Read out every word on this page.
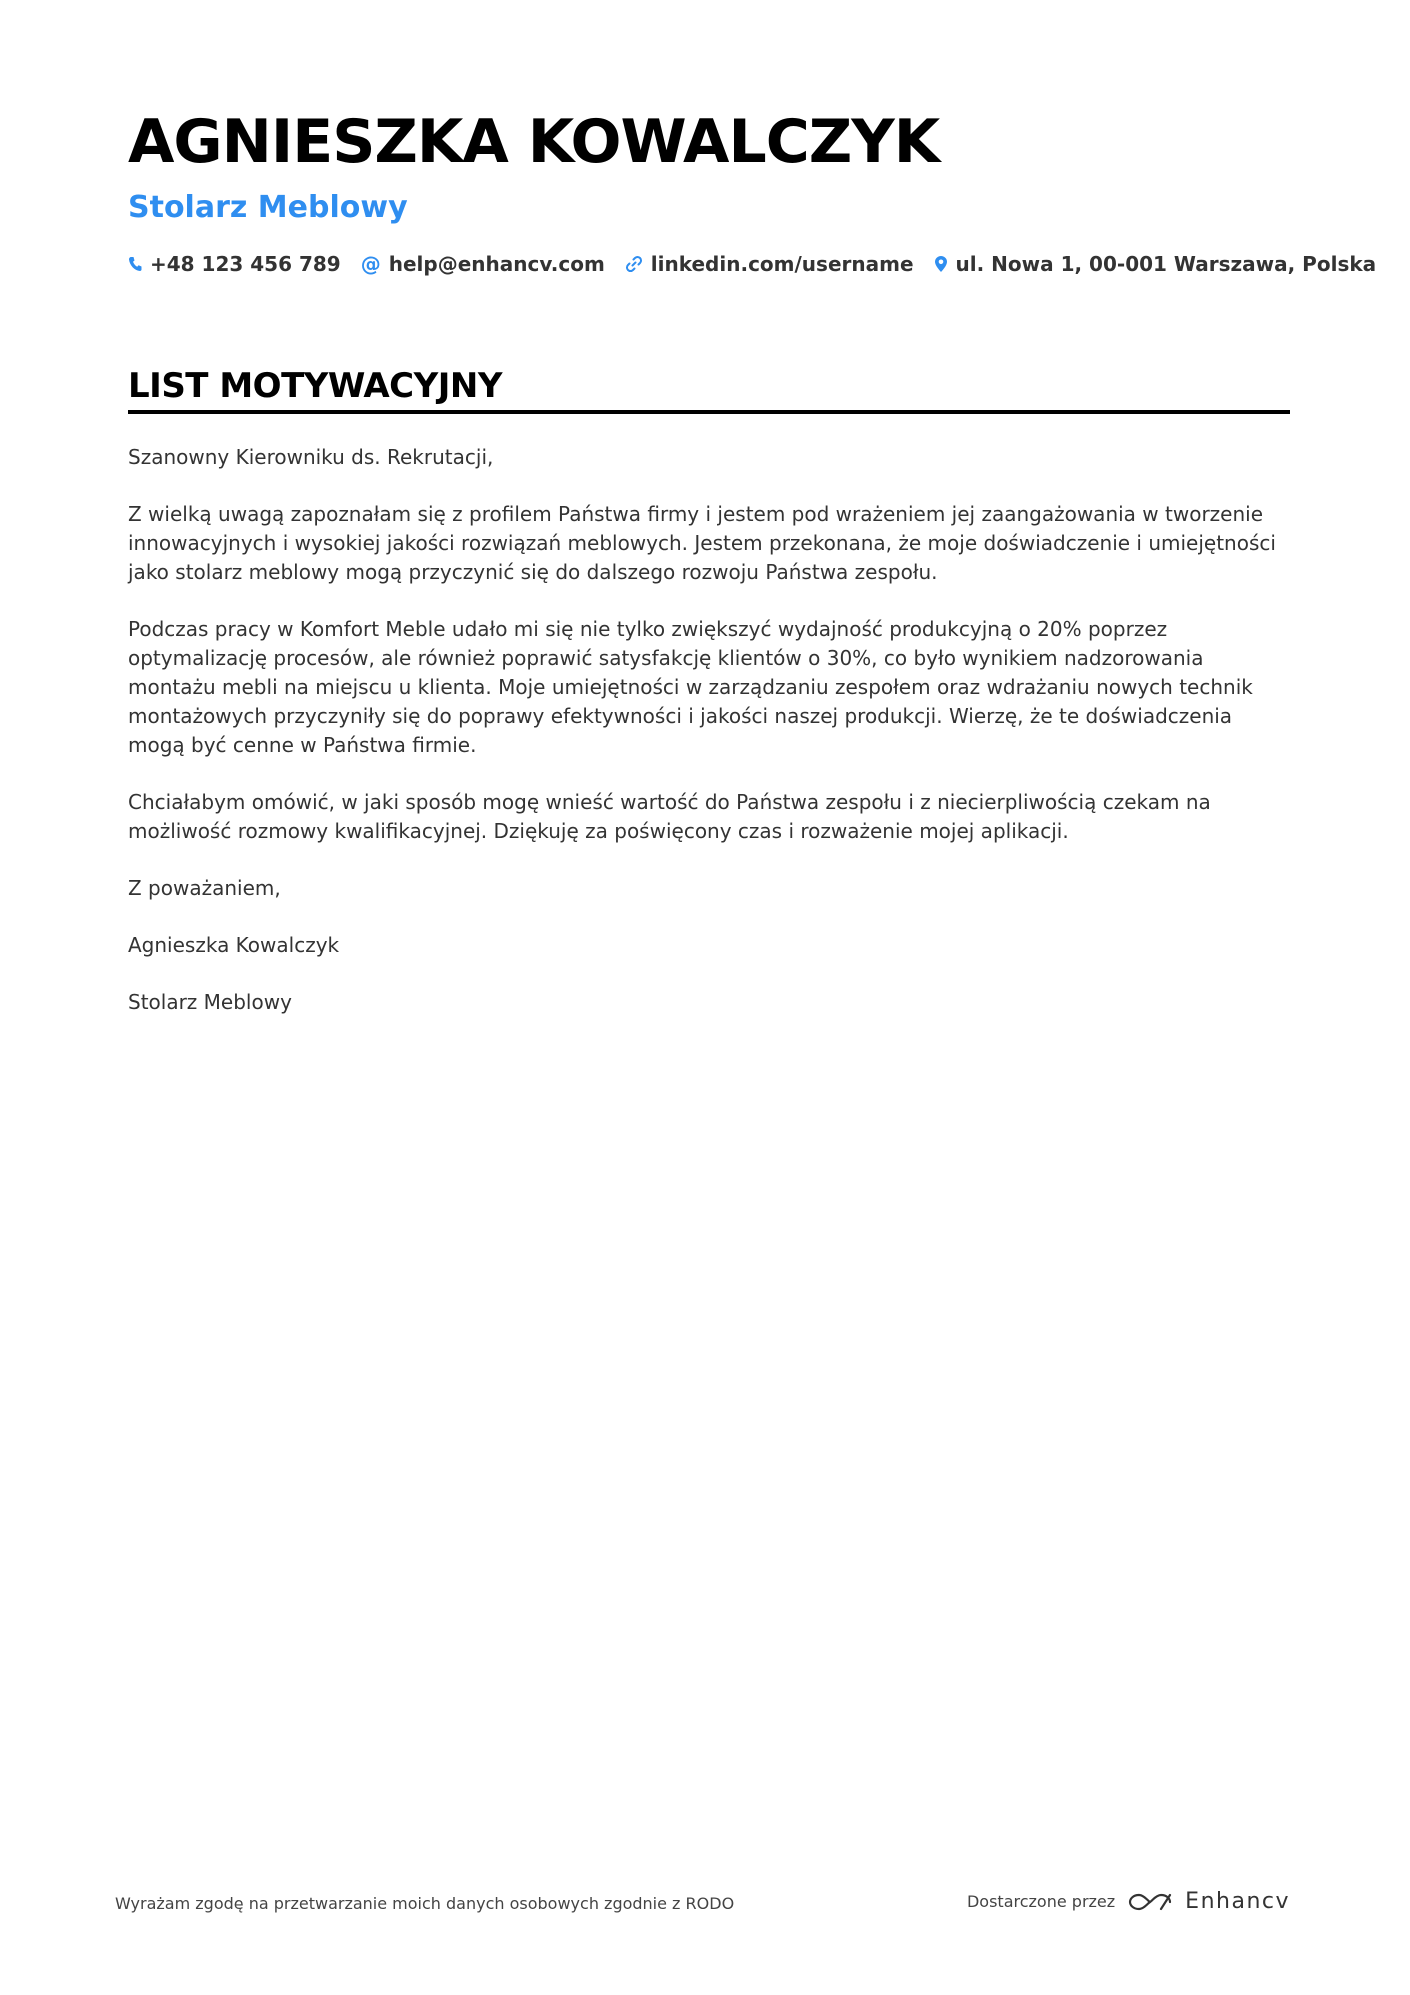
AGNIESZKA KOWALCZYK
Stolarz Meblowy
+48 123 456 789 @ help@enhancv.com linkedin.com/username ul. Nowa 1, 00-001 Warszawa, Polska
LIST MOTYWACYJNY

Szanowny Kierowniku ds. Rekrutacji,

Z wielką uwagą zapoznałam się z profilem Państwa firmy i jestem pod wrażeniem jej zaangażowania w tworzenie innowacyjnych i wysokiej jakości rozwiązań meblowych. Jestem przekonana, że moje doświadczenie i umiejętności jako stolarz meblowy mogą przyczynić się do dalszego rozwoju Państwa zespołu.

Podczas pracy w Komfort Meble udało mi się nie tylko zwiększyć wydajność produkcyjną o 20% poprzez optymalizację procesów, ale również poprawić satysfakcję klientów o 30%, co było wynikiem nadzorowania montażu mebli na miejscu u klienta. Moje umiejętności w zarządzaniu zespołem oraz wdrażaniu nowych technik montażowych przyczyniły się do poprawy efektywności i jakości naszej produkcji. Wierzę, że te doświadczenia mogą być cenne w Państwa firmie.

Chciałabym omówić, w jaki sposób mogę wnieść wartość do Państwa zespołu i z niecierpliwością czekam na możliwość rozmowy kwalifikacyjnej. Dziękuję za poświęcony czas i rozważenie mojej aplikacji.

Z poważaniem,

Agnieszka Kowalczyk

Stolarz Meblowy

Wyrażam zgodę na przetwarzanie moich danych osobowych zgodnie z RODO	Dostarczone przez	Enhancv
